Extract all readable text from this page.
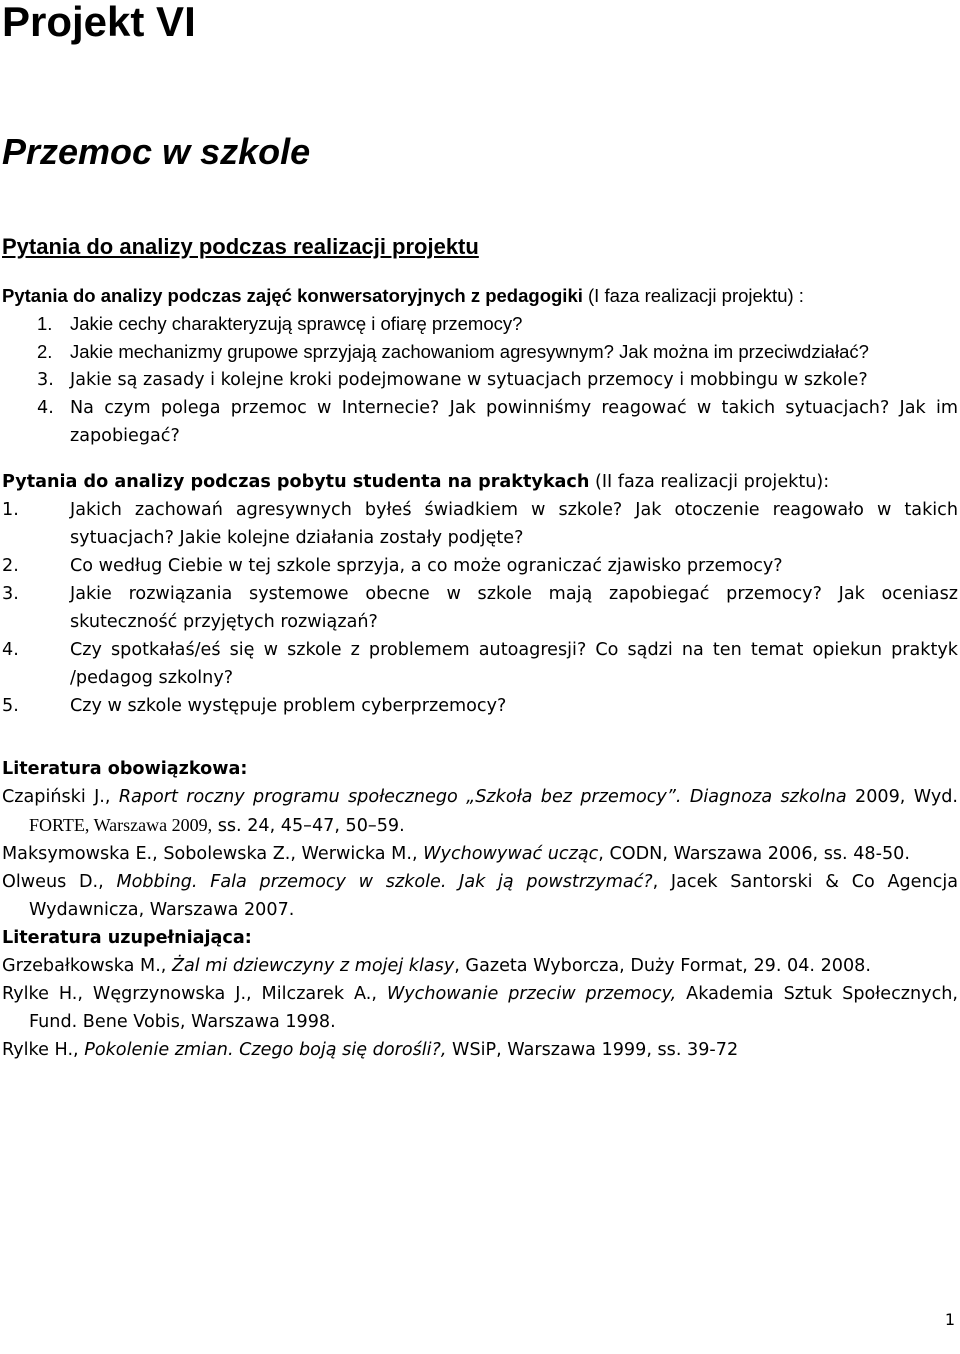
Projekt VI
Przemoc w szkole
Pytania do analizy podczas realizacji projektu

Pytania do analizy podczas zajęć konwersatoryjnych z pedagogiki (I faza realizacji projektu) :

1. Jakie cechy charakteryzują sprawcę i ofiarę przemocy?
2. Jakie mechanizmy grupowe sprzyjają zachowaniom agresywnym? Jak można im przeciwdziałać?
3. Jakie są zasady i kolejne kroki podejmowane w sytuacjach przemocy i mobbingu w szkole?
4. Na czym polega przemoc w Internecie? Jak powinniśmy reagować w takich sytuacjach? Jak im zapobiegać?

Pytania do analizy podczas pobytu studenta na praktykach (II faza realizacji projektu):

1.	Jakich zachowań agresywnych byłeś świadkiem w szkole? Jak otoczenie reagowało w takich sytuacjach? Jakie kolejne działania zostały podjęte?
2.	Co według Ciebie w tej szkole sprzyja, a co może ograniczać zjawisko przemocy?
3.	Jakie rozwiązania systemowe obecne w szkole mają zapobiegać przemocy? Jak oceniasz skuteczność przyjętych rozwiązań?
4.	Czy spotkałaś/eś się w szkole z problemem autoagresji? Co sądzi na ten temat opiekun praktyk /pedagog szkolny?
5.	Czy w szkole występuje problem cyberprzemocy?

Literatura obowiązkowa:

Czapiński J., Raport roczny programu społecznego „Szkoła bez przemocy”. Diagnoza szkolna 2009, Wyd. FORTE, Warszawa 2009, ss. 24, 45–47, 50–59.

Maksymowska E., Sobolewska Z., Werwicka M., Wychowywać ucząc, CODN, Warszawa 2006, ss. 48-50.

Olweus D., Mobbing. Fala przemocy w szkole. Jak ją powstrzymać?, Jacek Santorski & Co Agencja Wydawnicza, Warszawa 2007.

Literatura uzupełniająca:

Grzebałkowska M., Żal mi dziewczyny z mojej klasy, Gazeta Wyborcza, Duży Format, 29. 04. 2008.

Rylke H., Węgrzynowska J., Milczarek A., Wychowanie przeciw przemocy, Akademia Sztuk Społecznych, Fund. Bene Vobis, Warszawa 1998.

Rylke H., Pokolenie zmian. Czego boją się dorośli?, WSiP, Warszawa 1999, ss. 39-72

1
